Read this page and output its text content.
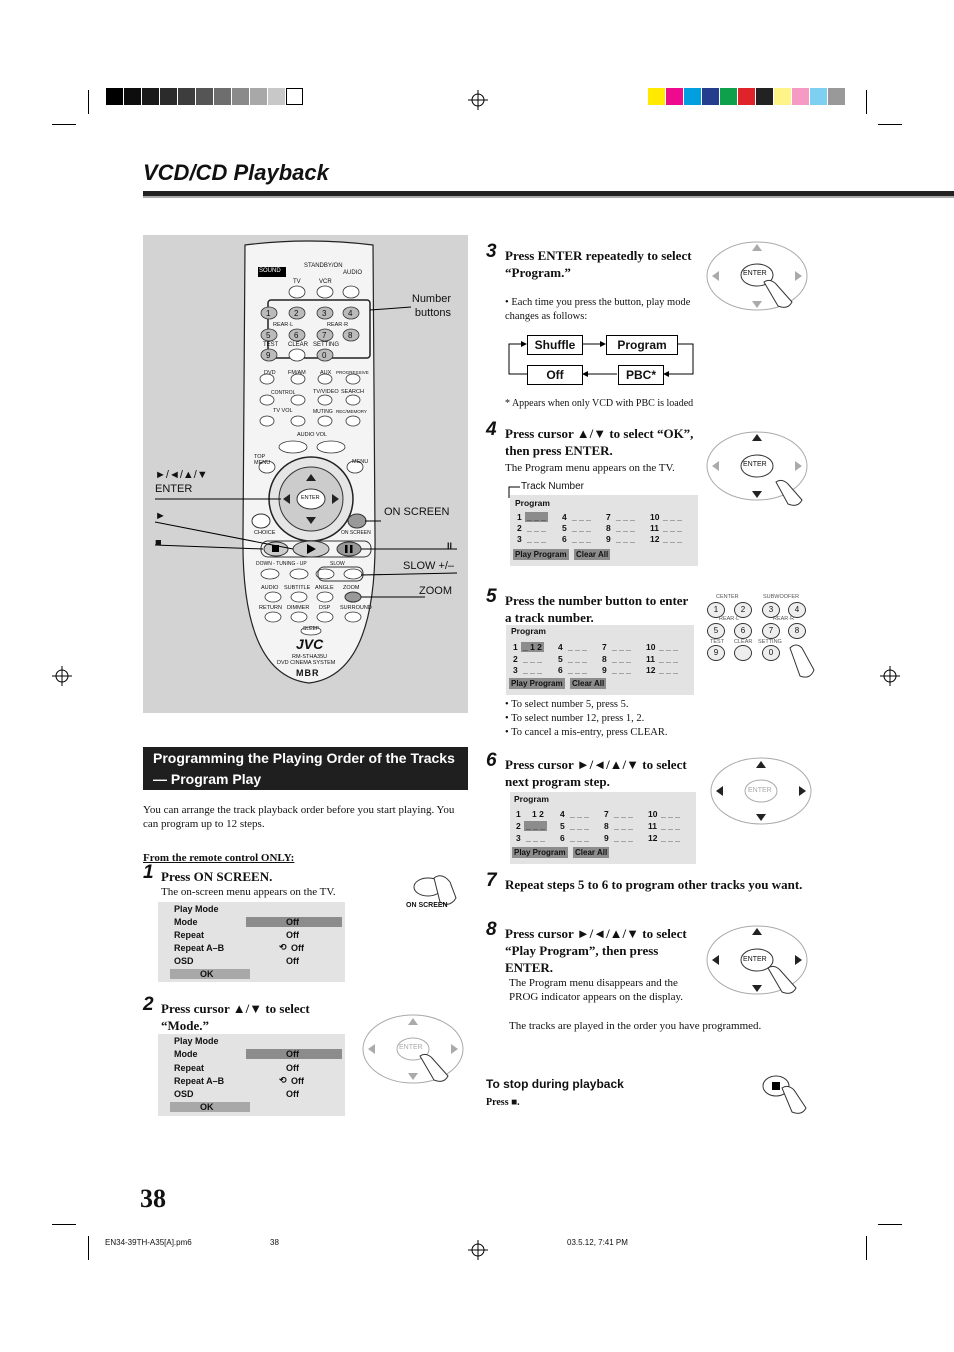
VCD/CD Playback
STANDBY/ON
SOUND
TV	VCR
AUDIO
REAR·L	REAR·R
TEST CLEAR SETTING
DVD FM/AM	AUX PROGRESSIVE
CONTROL	TV/VIDEO SEARCH
TV VOL	MUTING REC/MEMORY
AUDIO VOL
TOP MENU	MENU
ENTER
CHOICE	ON SCREEN
DOWN - TUNING - UP	SLOW
AUDIO SUBTITLE ANGLE ZOOM
RETURN DIMMER DSP SURROUND
SLEEP
JVC
RM-STHA35U
DVD CINEMA SYSTEM
MBR
1	2	3	4
5	6	7	8
9	0
Number buttons
►/◄/▲/▼
ENTER
►
■
ON SCREEN
II
SLOW +/–
ZOOM
Programming the Playing Order of the Tracks — Program Play
You can arrange the track playback order before you start playing. You can program up to 12 steps.
From the remote control ONLY:
1 Press ON SCREEN.
The on-screen menu appears on the TV.
ON SCREEN
Play Mode
Mode	Off
Repeat	Off
Repeat A–B	⟲ Off
OSD	Off
OK
2 Press cursor ▲/▼ to select “Mode.”
Play Mode
Mode	Off
Repeat	Off
Repeat A–B	⟲ Off
OSD	Off
OK
ENTER
3 Press ENTER repeatedly to select “Program.”
• Each time you press the button, play mode changes as follows:
ENTER
Shuffle	Program
Off	PBC*
* Appears when only VCD with PBC is loaded
4 Press cursor ▲/▼ to select “OK”, then press ENTER.
The Program menu appears on the TV.	ENTER
Track Number
Program
1 _ _ _
2 _ _ _
3 _ _ _
4 _ _ _
5 _ _ _
6 _ _ _
7 _ _ _
8 _ _ _
9 _ _ _
10 _ _ _
11 _ _ _
12 _ _ _
Play Program Clear All
5 Press the number button to enter a track number.
Program
1 _ 1 2
2 _ _ _
3 _ _ _
4 _ _ _
5 _ _ _
6 _ _ _
7 _ _ _
8 _ _ _
9 _ _ _
10 _ _ _
11 _ _ _
12 _ _ _
Play Program Clear All
• To select number 5, press 5.
• To select number 12, press 1, 2.
• To cancel a mis-entry, press CLEAR.
CENTER	SUBWOOFER
1	2	3	4
REAR·L	REAR·R
5	6	7	8
TEST CLEAR SETTING
9	0
6 Press cursor ►/◄/▲/▼ to select next program step.
ENTER
Program
1 1 2
2 _ _ _
3 _ _ _
4 _ _ _
5 _ _ _
6 _ _ _
7 _ _ _
8 _ _ _
9 _ _ _
10 _ _ _
11 _ _ _
12 _ _ _
Play Program Clear All
7 Repeat steps 5 to 6 to program other tracks you want.
8 Press cursor ►/◄/▲/▼ to select “Play Program”, then press ENTER.
The Program menu disappears and the PROG indicator appears on the display.
The tracks are played in the order you have programmed.
ENTER
To stop during playback
Press ■.
38
EN34-39TH-A35[A].pm6	38	03.5.12, 7:41 PM
